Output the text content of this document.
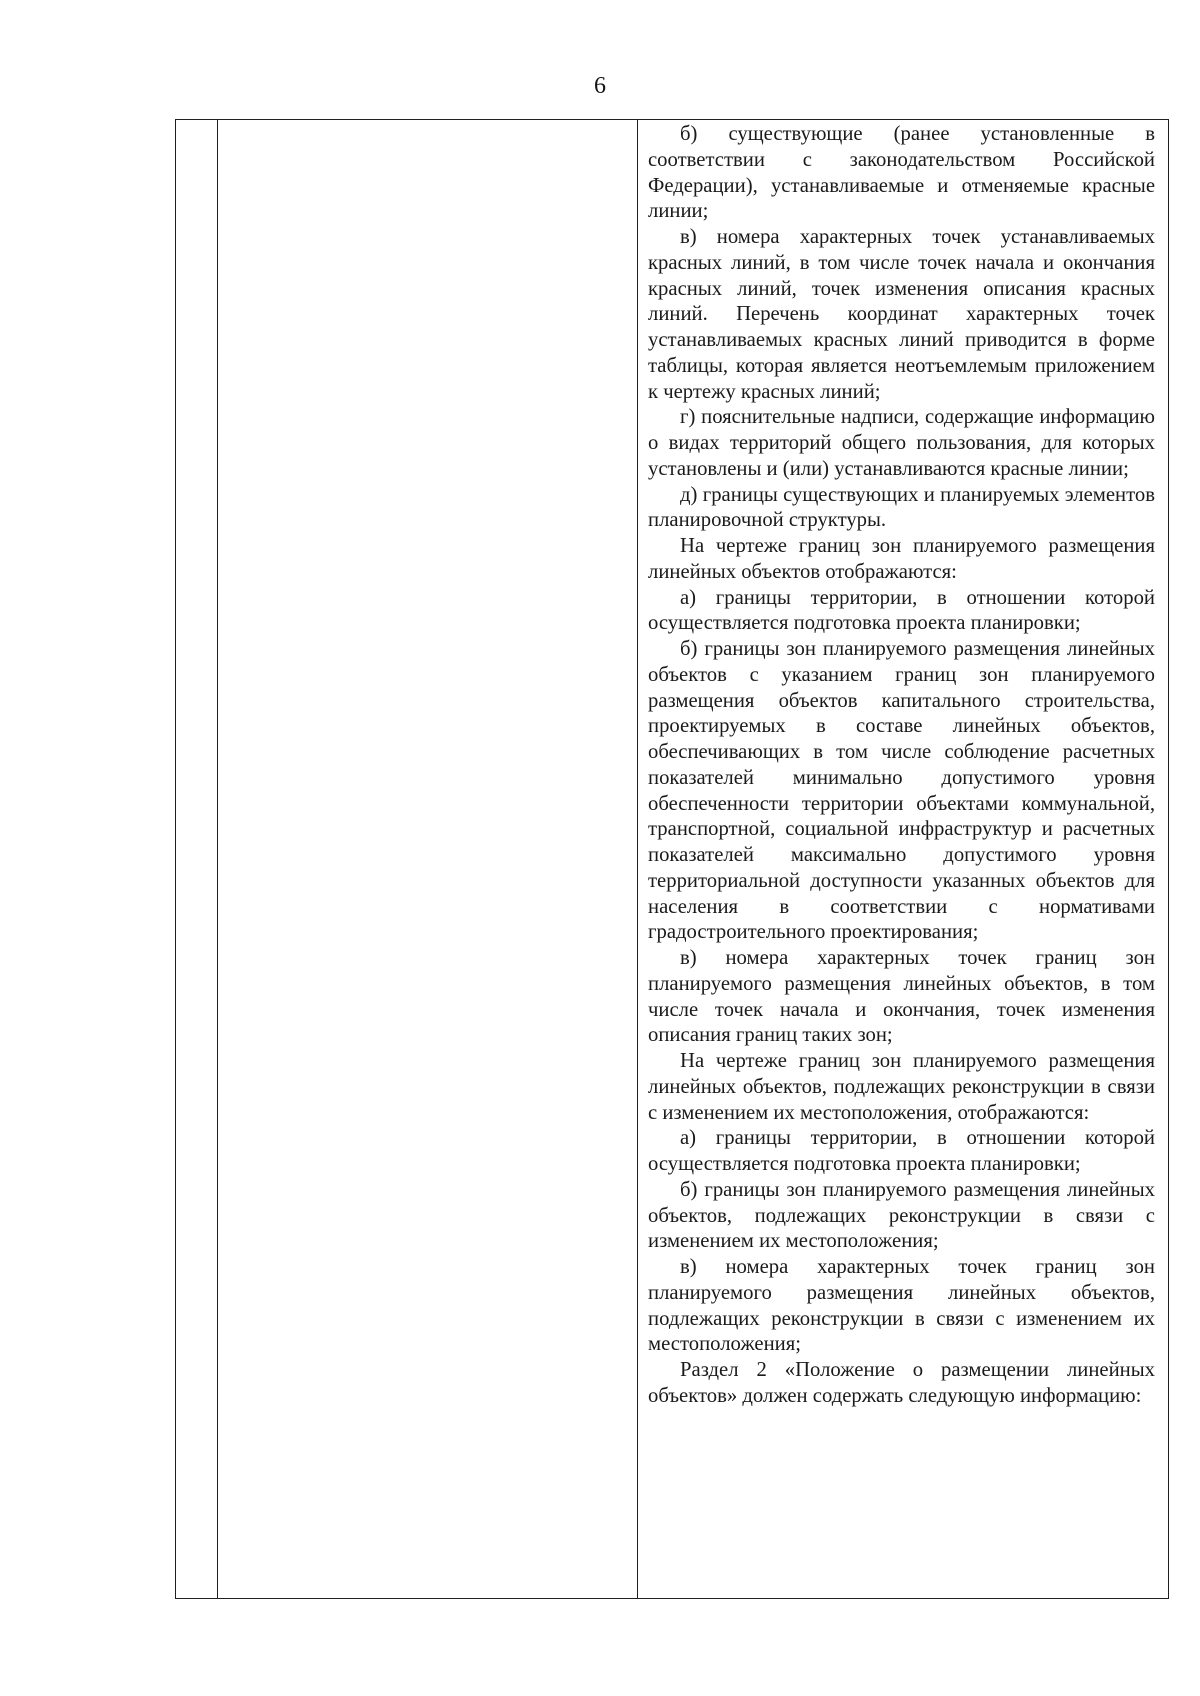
6

б) существующие (ранее установленные в соответствии с законодательством Российской Федерации), устанавливаемые и отменяемые красные линии;

в) номера характерных точек устанавливаемых красных линий, в том числе точек начала и окончания красных линий, точек изменения описания красных линий. Перечень координат характерных точек устанавливаемых красных линий приводится в форме таблицы, которая является неотъемлемым приложением к чертежу красных линий;

г) пояснительные надписи, содержащие информацию о видах территорий общего пользования, для которых установлены и (или) устанавливаются красные линии;

д) границы существующих и планируемых элементов планировочной структуры.

На чертеже границ зон планируемого размещения линейных объектов отображаются:

а) границы территории, в отношении которой осуществляется подготовка проекта планировки;

б) границы зон планируемого размещения линейных объектов с указанием границ зон планируемого размещения объектов капитального строительства, проектируемых в составе линейных объектов, обеспечивающих в том числе соблюдение расчетных показателей минимально допустимого уровня обеспеченности территории объектами коммунальной, транспортной, социальной инфраструктур и расчетных показателей максимально допустимого уровня территориальной доступности указанных объектов для населения в соответствии с нормативами градостроительного проектирования;

в) номера характерных точек границ зон планируемого размещения линейных объектов, в том числе точек начала и окончания, точек изменения описания границ таких зон;

На чертеже границ зон планируемого размещения линейных объектов, подлежащих реконструкции в связи с изменением их местоположения, отображаются:

а) границы территории, в отношении которой осуществляется подготовка проекта планировки;

б) границы зон планируемого размещения линейных объектов, подлежащих реконструкции в связи с изменением их местоположения;

в) номера характерных точек границ зон планируемого размещения линейных объектов, подлежащих реконструкции в связи с изменением их местоположения;

Раздел 2 «Положение о размещении линейных объектов» должен содержать следующую информацию:
